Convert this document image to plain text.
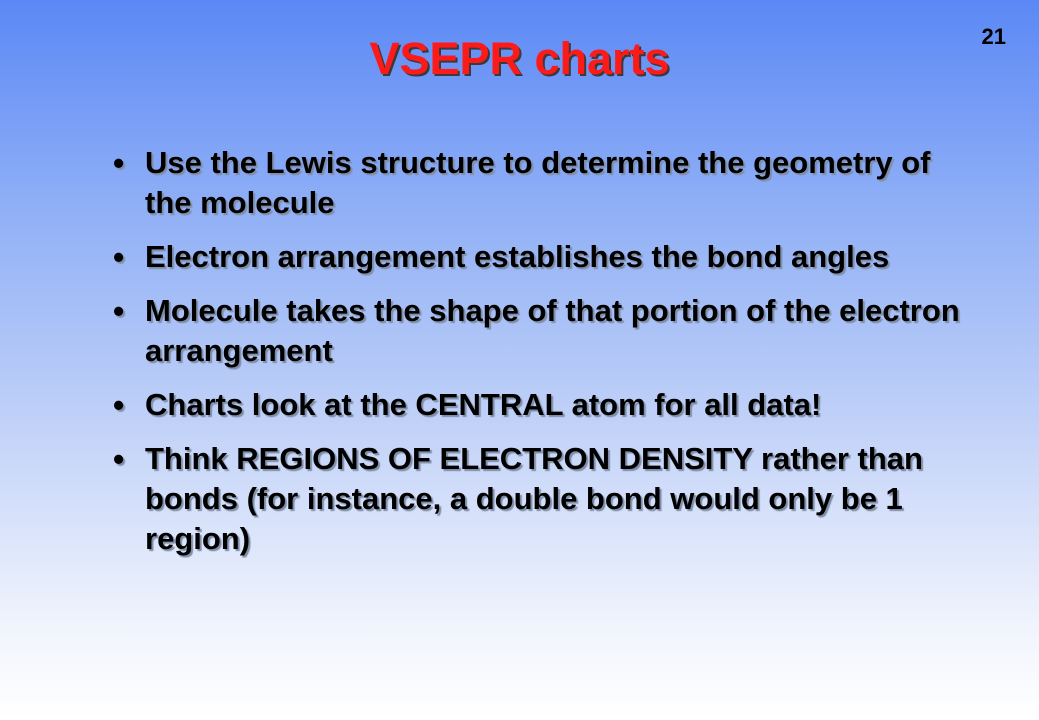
21
VSEPR charts
• Use the Lewis structure to determine the geometry of the molecule
• Electron arrangement establishes the bond angles
• Molecule takes the shape of that portion of the electron arrangement
• Charts look at the CENTRAL atom for all data!
• Think REGIONS OF ELECTRON DENSITY rather than bonds (for instance, a double bond would only be 1 region)
